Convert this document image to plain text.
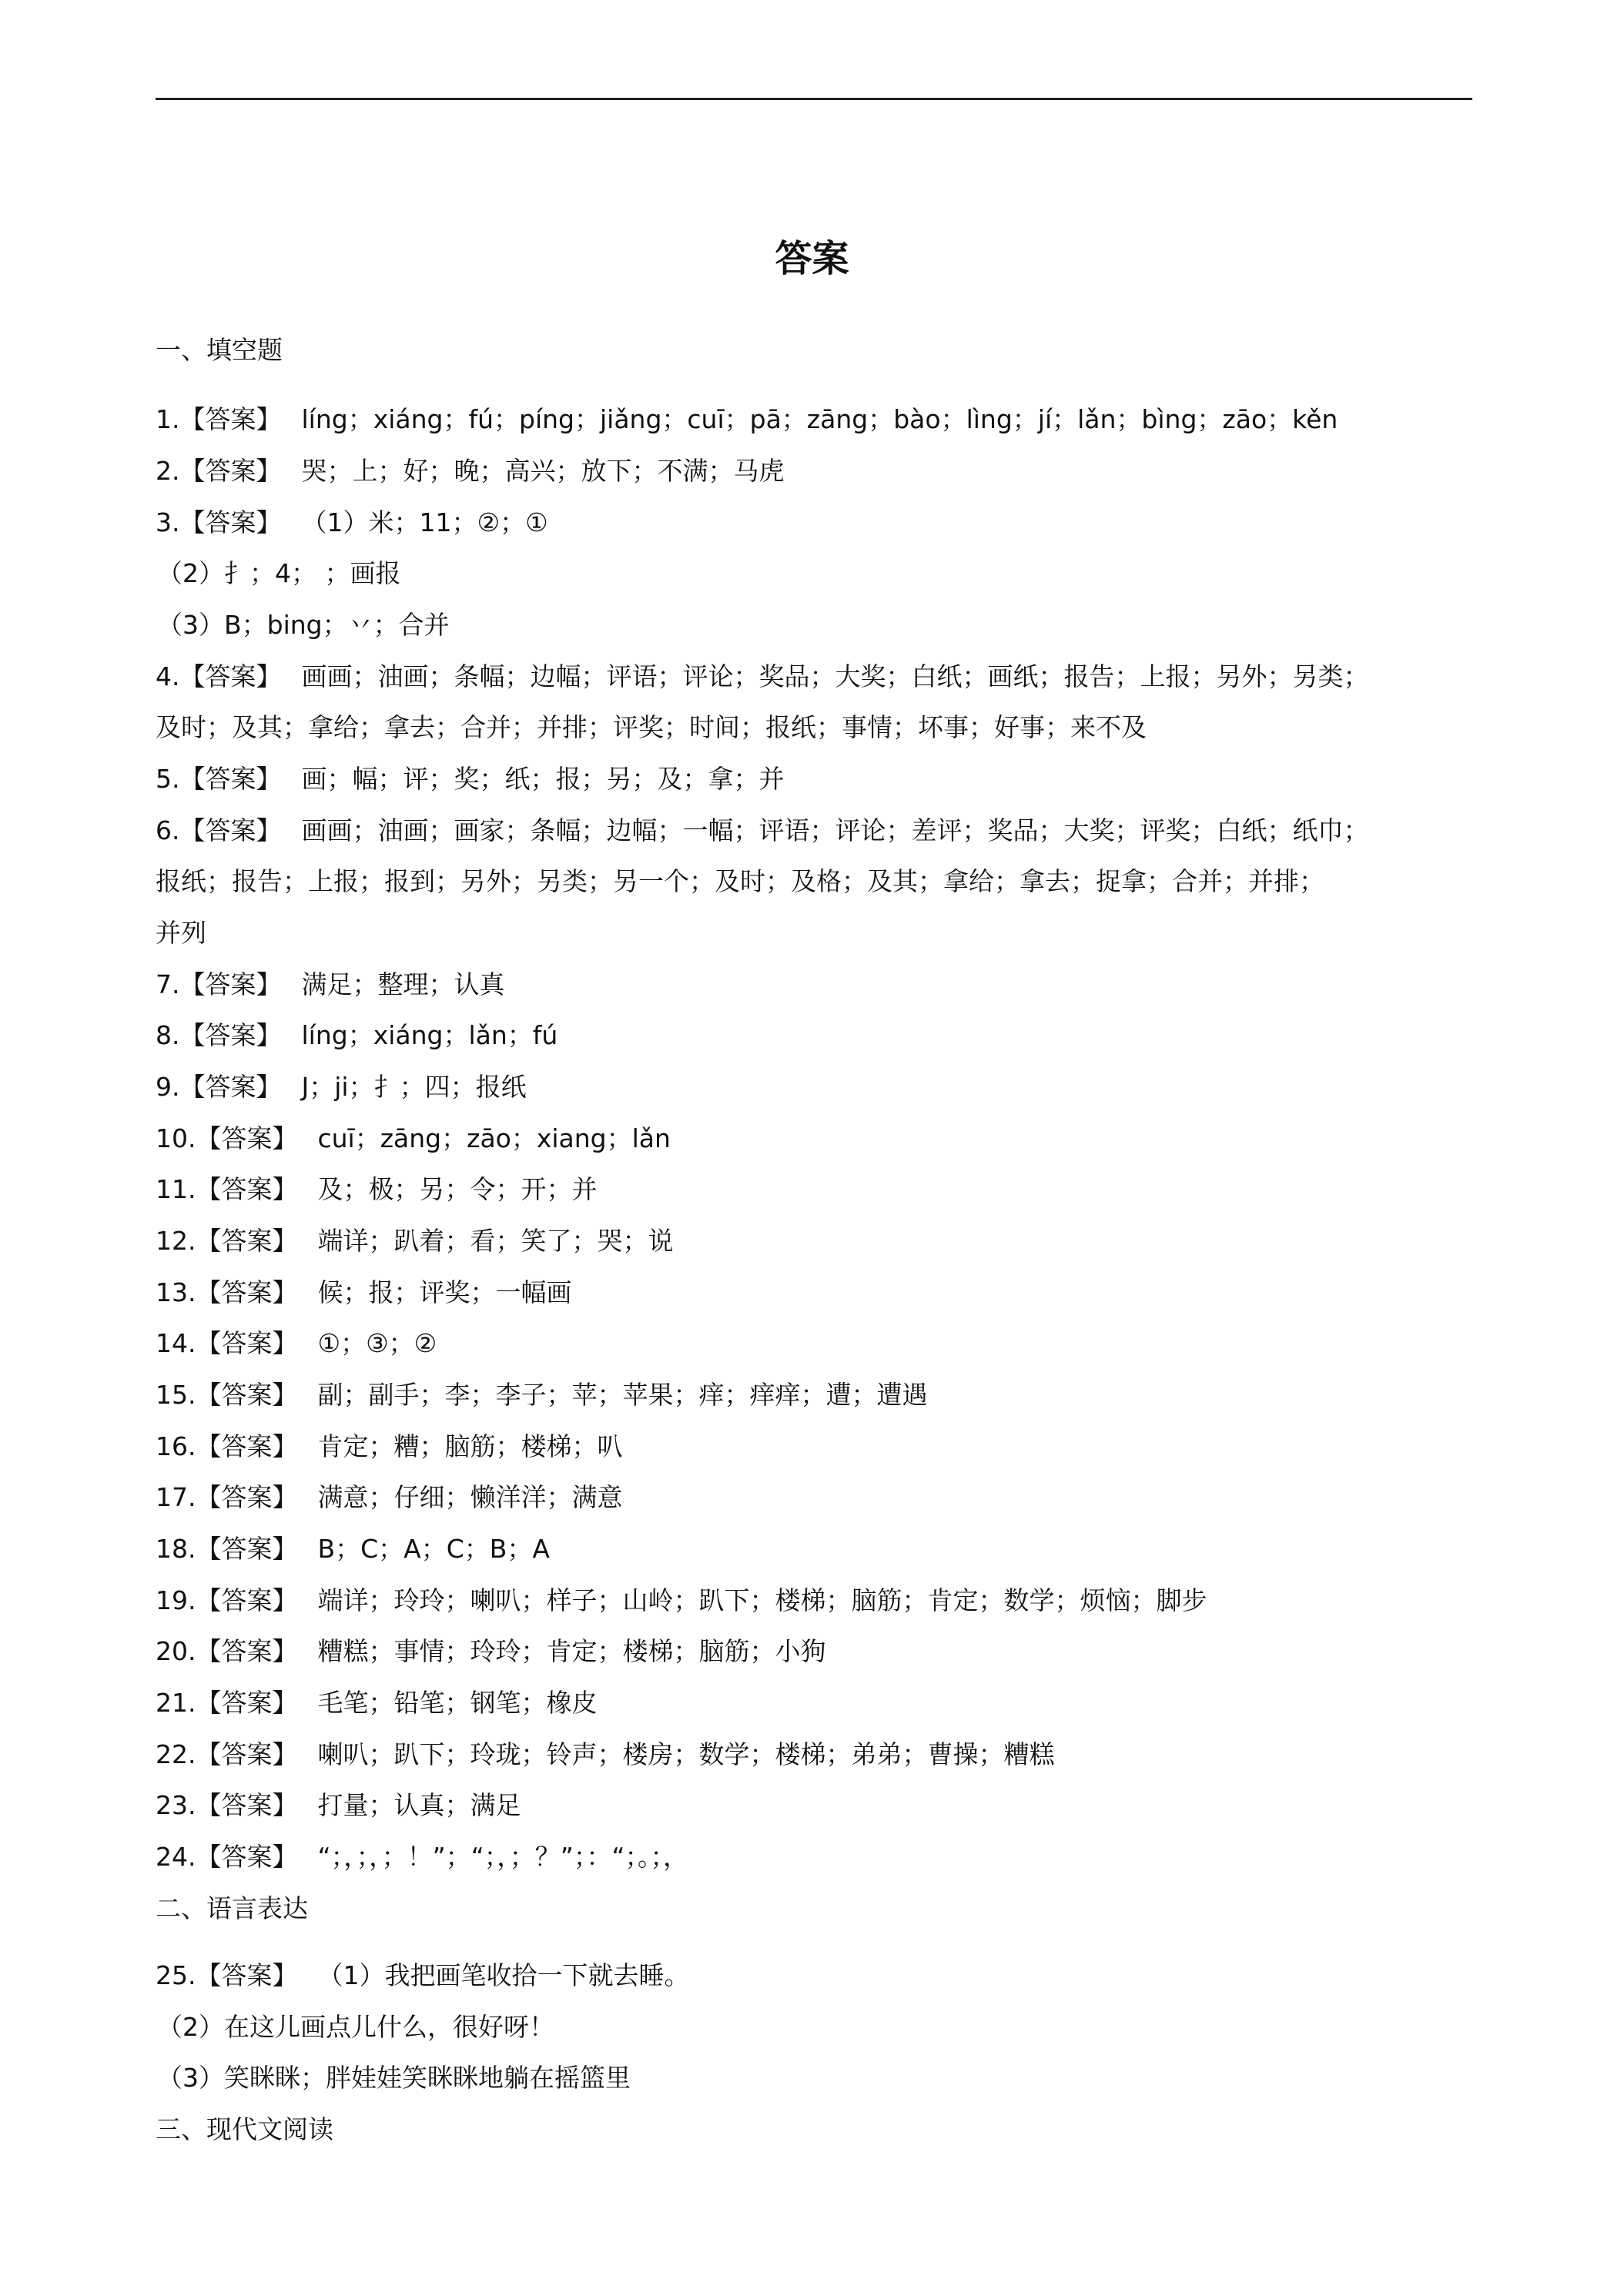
答案
一、填空题
1.【答案】 líng；xiáng；fú；píng；jiǎng；cuī；pā；zāng；bào；lìng；jí；lǎn；bìng；zāo；kěn
2.【答案】 哭；上；好；晚；高兴；放下；不满；马虎
3.【答案】 （1）米；11；②；①
（2）扌；4； ；画报
（3）B；bing；丷；合并
4.【答案】 画画；油画；条幅；边幅；评语；评论；奖品；大奖；白纸；画纸；报告；上报；另外；另类；
及时；及其；拿给；拿去；合并；并排；评奖；时间；报纸；事情；坏事；好事；来不及
5.【答案】 画；幅；评；奖；纸；报；另；及；拿；并
6.【答案】 画画；油画；画家；条幅；边幅；一幅；评语；评论；差评；奖品；大奖；评奖；白纸；纸巾；
报纸；报告；上报；报到；另外；另类；另一个；及时；及格；及其；拿给；拿去；捉拿；合并；并排；
并列
7.【答案】 满足；整理；认真
8.【答案】 líng；xiáng；lǎn；fú
9.【答案】 J；ji；扌；四；报纸
10.【答案】 cuī；zāng；zāo；xiang；lǎn
11.【答案】 及；极；另；令；开；并
12.【答案】 端详；趴着；看；笑了；哭；说
13.【答案】 候；报；评奖；一幅画
14.【答案】 ①；③；②
15.【答案】 副；副手；李；李子；苹；苹果；痒；痒痒；遭；遭遇
16.【答案】 肯定；糟；脑筋；楼梯；叭
17.【答案】 满意；仔细；懒洋洋；满意
18.【答案】 B；C；A；C；B；A
19.【答案】 端详；玲玲；喇叭；样子；山岭；趴下；楼梯；脑筋；肯定；数学；烦恼；脚步
20.【答案】 糟糕；事情；玲玲；肯定；楼梯；脑筋；小狗
21.【答案】 毛笔；铅笔；钢笔；橡皮
22.【答案】 喇叭；趴下；玲珑；铃声；楼房；数学；楼梯；弟弟；曹操；糟糕
23.【答案】 打量；认真；满足
24.【答案】 “；，；，；！”；“；，；？”；：“；。；，
二、语言表达
25.【答案】 （1）我把画笔收拾一下就去睡。
（2）在这儿画点儿什么，很好呀！
（3）笑眯眯；胖娃娃笑眯眯地躺在摇篮里
三、现代文阅读
